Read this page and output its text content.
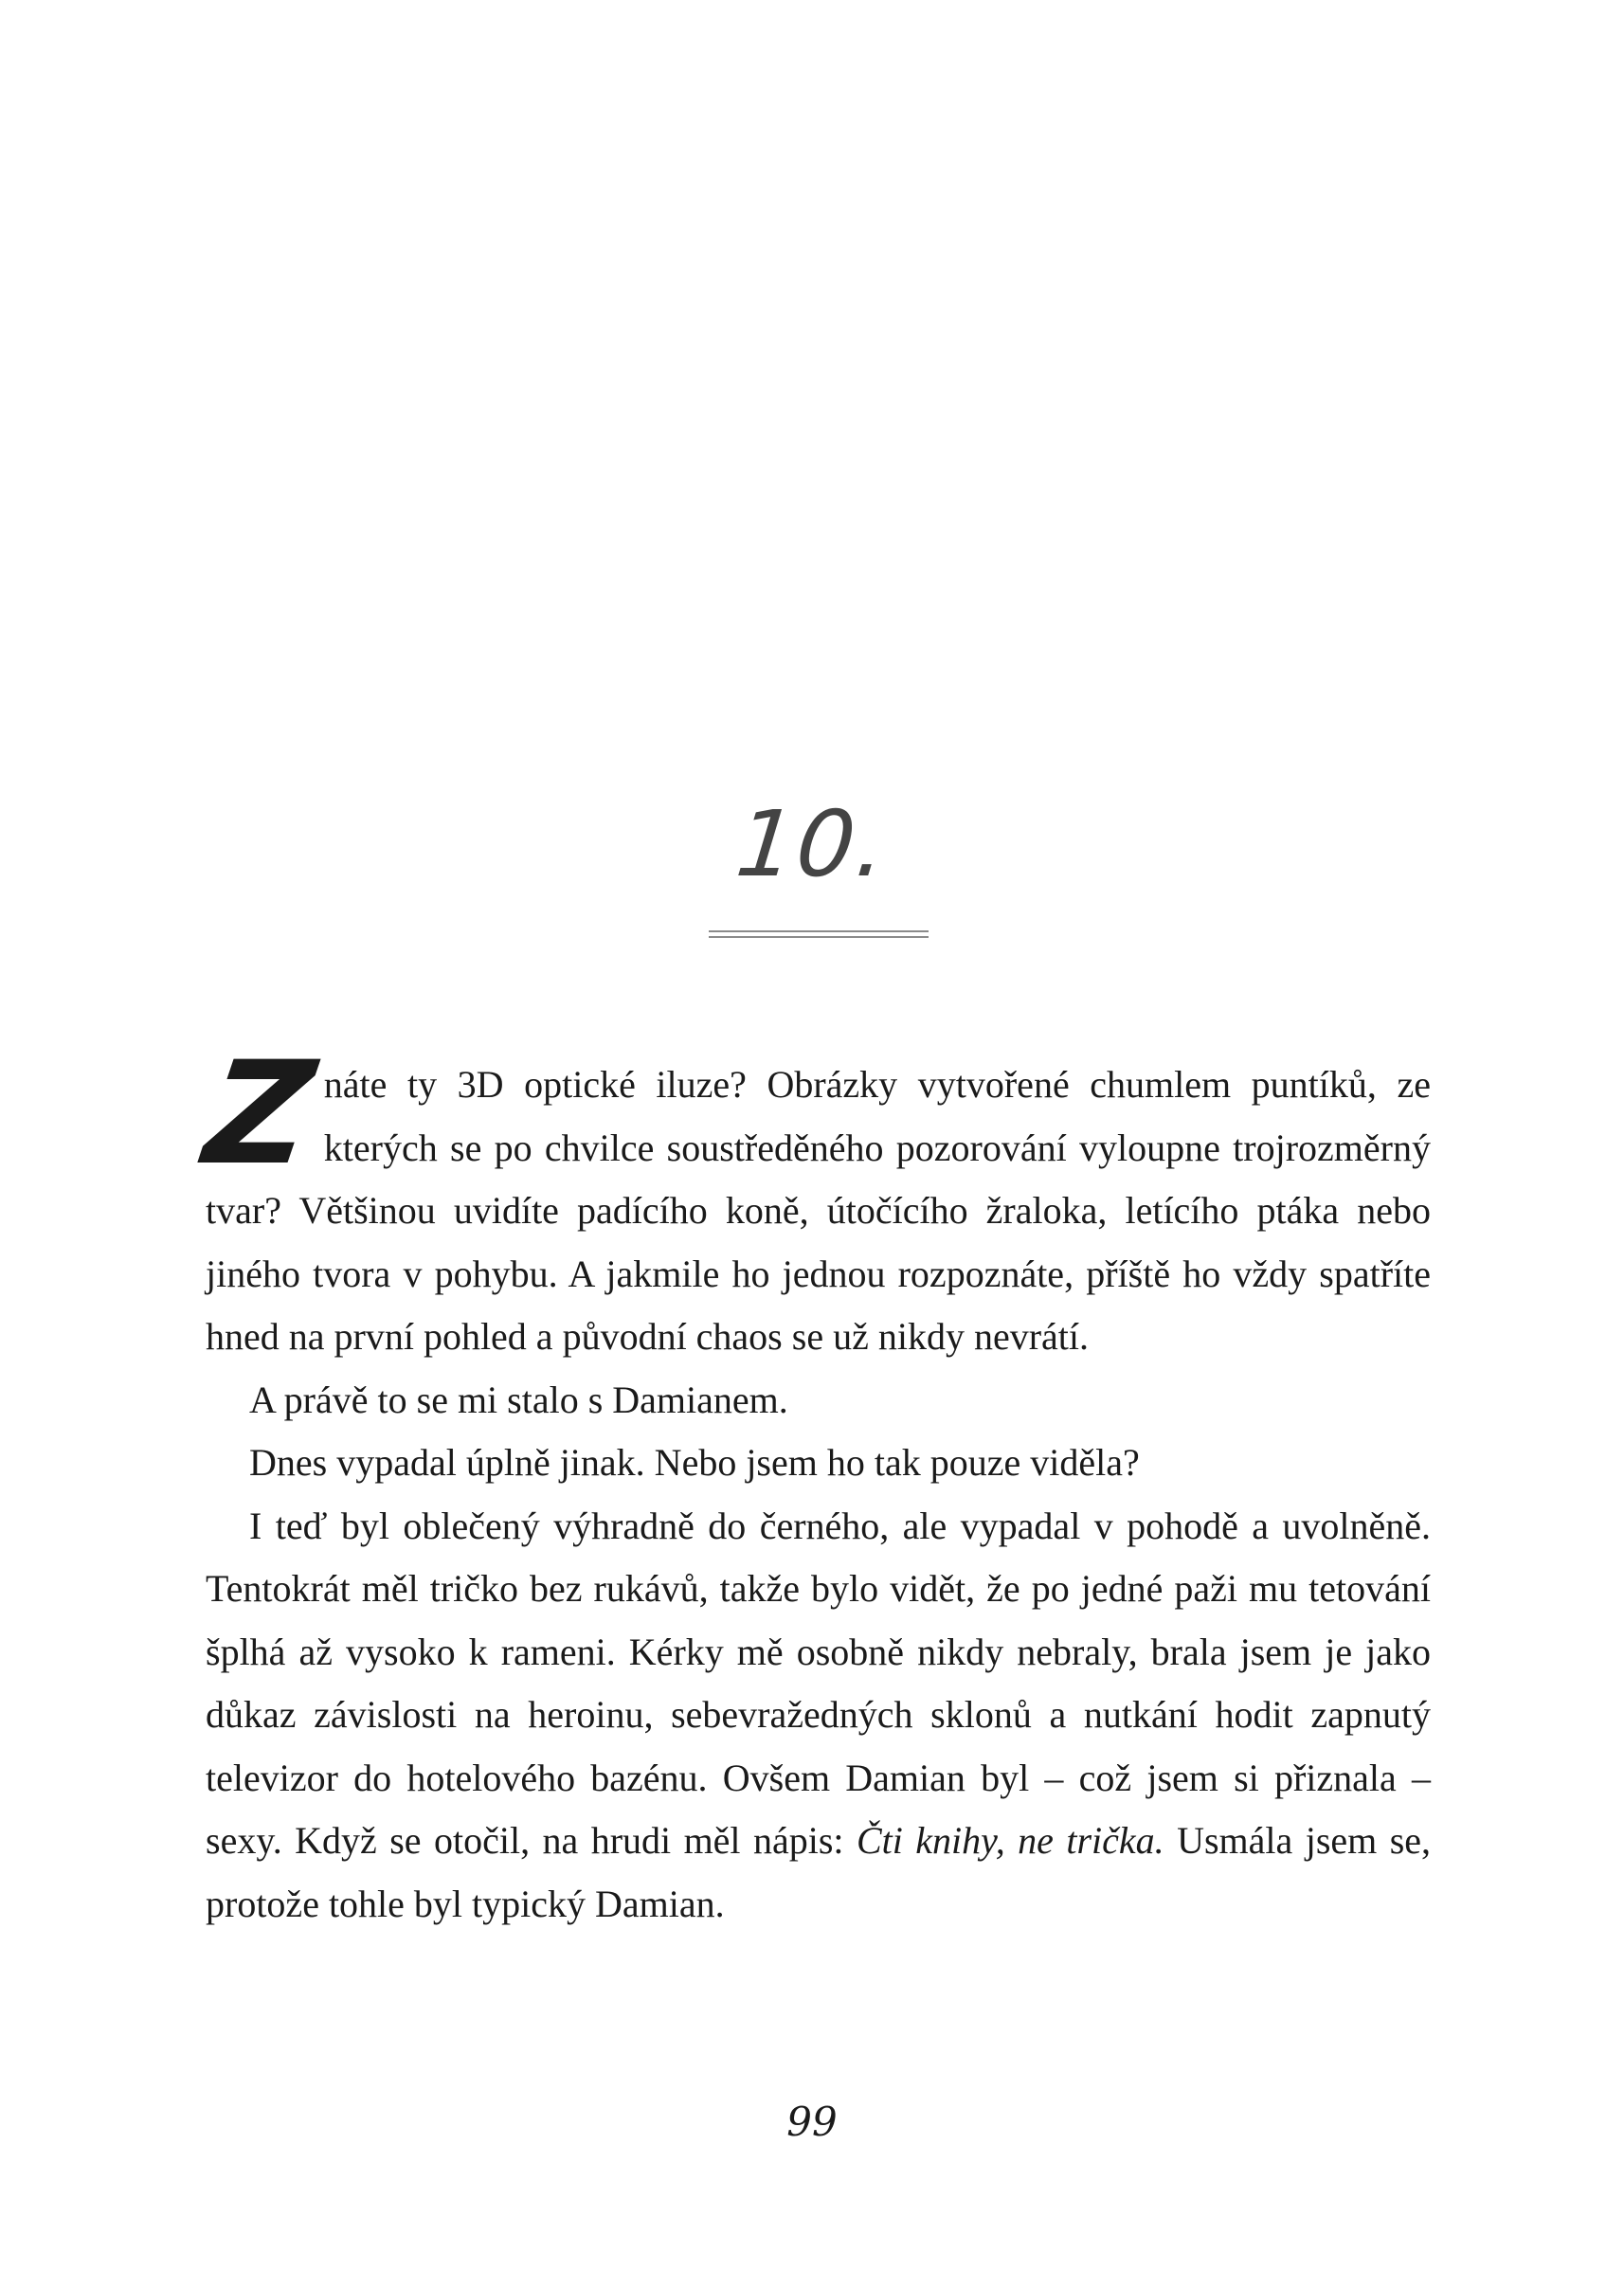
10.

Znáte ty 3D optické iluze? Obrázky vytvořené chumlem puntíků, ze kterých se po chvilce soustředěného pozorování vyloupne trojrozměrný tvar? Většinou uvidíte padícího koně, útočícího žraloka, letícího ptáka nebo jiného tvora v pohybu. A jakmile ho jednou rozpoznáte, příště ho vždy spatříte hned na první pohled a původní chaos se už nikdy nevrátí.

A právě to se mi stalo s Damianem.

Dnes vypadal úplně jinak. Nebo jsem ho tak pouze viděla?

I teď byl oblečený výhradně do černého, ale vypadal v pohodě a uvolněně. Tentokrát měl tričko bez rukávů, takže bylo vidět, že po jedné paži mu tetování šplhá až vysoko k rameni. Kérky mě osobně nikdy nebraly, brala jsem je jako důkaz závislosti na heroinu, sebevražedných sklonů a nutkání hodit zapnutý televizor do hotelového bazénu. Ovšem Damian byl – což jsem si přiznala – sexy. Když se otočil, na hrudi měl nápis: Čti knihy, ne trička. Usmála jsem se, protože tohle byl typický Damian.

99
